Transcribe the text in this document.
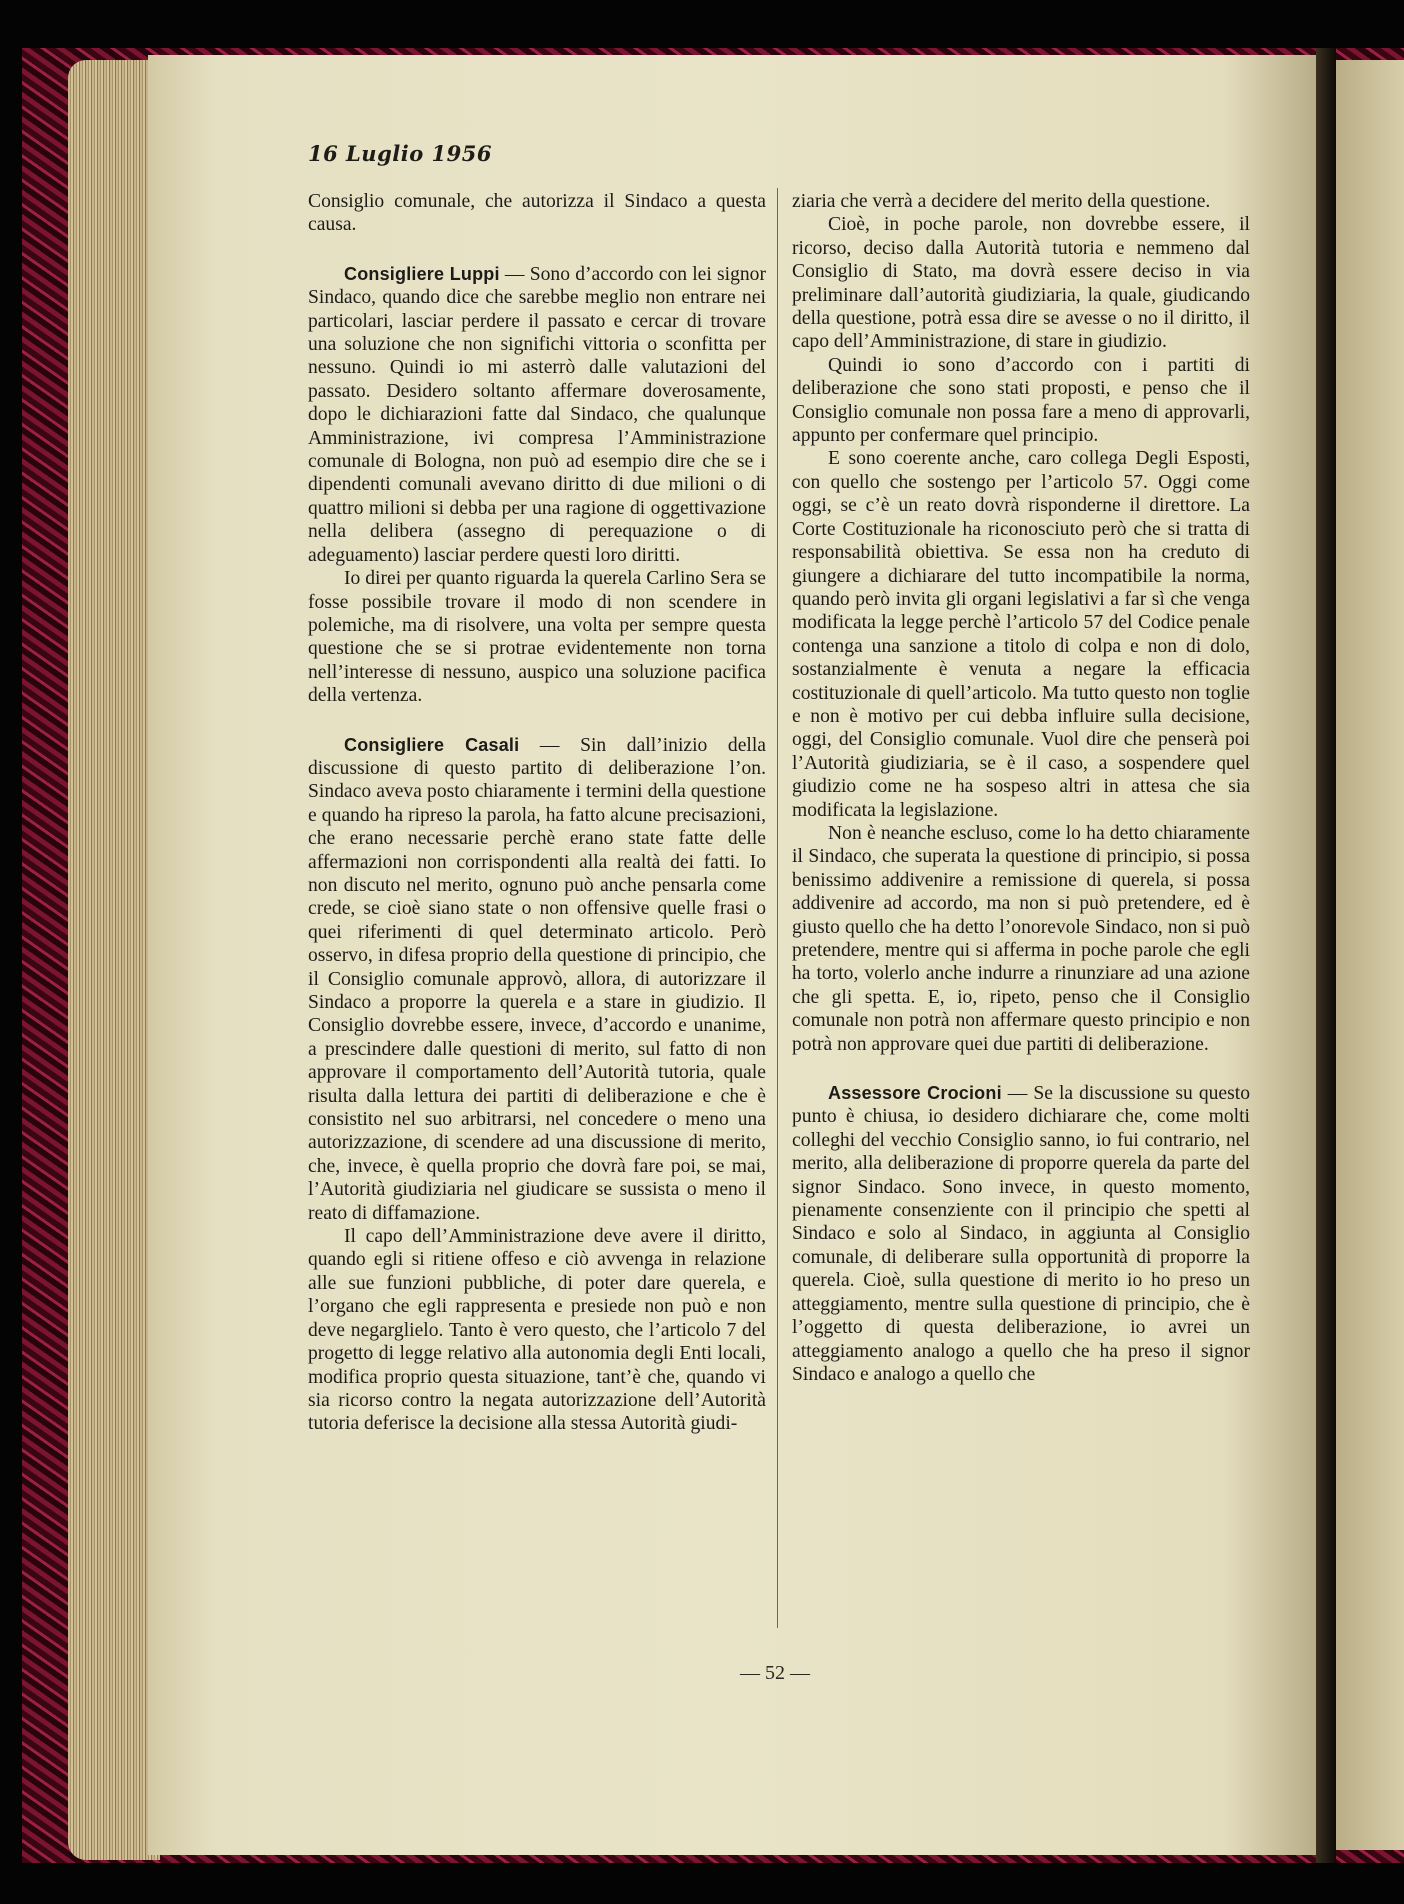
16 Luglio 1956

Consiglio comunale, che autorizza il Sindaco a questa causa.

Consigliere Luppi — Sono d’accordo con lei signor Sindaco, quando dice che sarebbe meglio non entrare nei particolari, lasciar perdere il passato e cercar di trovare una soluzione che non significhi vittoria o sconfitta per nessuno. Quindi io mi asterrò dalle valutazioni del passato. Desidero soltanto affermare doverosamente, dopo le dichiarazioni fatte dal Sindaco, che qualunque Amministrazione, ivi compresa l’Amministrazione comunale di Bologna, non può ad esempio dire che se i dipendenti comunali avevano diritto di due milioni o di quattro milioni si debba per una ragione di oggettivazione nella delibera (assegno di perequazione o di adeguamento) lasciar perdere questi loro diritti.

Io direi per quanto riguarda la querela Carlino Sera se fosse possibile trovare il modo di non scendere in polemiche, ma di risolvere, una volta per sempre questa questione che se si protrae evidentemente non torna nell’interesse di nessuno, auspico una soluzione pacifica della vertenza.

Consigliere Casali — Sin dall’inizio della discussione di questo partito di deliberazione l’on. Sindaco aveva posto chiaramente i termini della questione e quando ha ripreso la parola, ha fatto alcune precisazioni, che erano necessarie perchè erano state fatte delle affermazioni non corrispondenti alla realtà dei fatti. Io non discuto nel merito, ognuno può anche pensarla come crede, se cioè siano state o non offensive quelle frasi o quei riferimenti di quel determinato articolo. Però osservo, in difesa proprio della questione di principio, che il Consiglio comunale approvò, allora, di autorizzare il Sindaco a proporre la querela e a stare in giudizio. Il Consiglio dovrebbe essere, invece, d’accordo e unanime, a prescindere dalle questioni di merito, sul fatto di non approvare il comportamento dell’Autorità tutoria, quale risulta dalla lettura dei partiti di deliberazione e che è consistito nel suo arbitrarsi, nel concedere o meno una autorizzazione, di scendere ad una discussione di merito, che, invece, è quella proprio che dovrà fare poi, se mai, l’Autorità giudiziaria nel giudicare se sussista o meno il reato di diffamazione.

Il capo dell’Amministrazione deve avere il diritto, quando egli si ritiene offeso e ciò avvenga in relazione alle sue funzioni pubbliche, di poter dare querela, e l’organo che egli rappresenta e presiede non può e non deve negarglielo. Tanto è vero questo, che l’articolo 7 del progetto di legge relativo alla autonomia degli Enti locali, modifica proprio questa situazione, tant’è che, quando vi sia ricorso contro la negata autorizzazione dell’Autorità tutoria deferisce la decisione alla stessa Autorità giudi-

ziaria che verrà a decidere del merito della questione.

Cioè, in poche parole, non dovrebbe essere, il ricorso, deciso dalla Autorità tutoria e nemmeno dal Consiglio di Stato, ma dovrà essere deciso in via preliminare dall’autorità giudiziaria, la quale, giudicando della questione, potrà essa dire se avesse o no il diritto, il capo dell’Amministrazione, di stare in giudizio.

Quindi io sono d’accordo con i partiti di deliberazione che sono stati proposti, e penso che il Consiglio comunale non possa fare a meno di approvarli, appunto per confermare quel principio.

E sono coerente anche, caro collega Degli Esposti, con quello che sostengo per l’articolo 57. Oggi come oggi, se c’è un reato dovrà risponderne il direttore. La Corte Costituzionale ha riconosciuto però che si tratta di responsabilità obiettiva. Se essa non ha creduto di giungere a dichiarare del tutto incompatibile la norma, quando però invita gli organi legislativi a far sì che venga modificata la legge perchè l’articolo 57 del Codice penale contenga una sanzione a titolo di colpa e non di dolo, sostanzialmente è venuta a negare la efficacia costituzionale di quell’articolo. Ma tutto questo non toglie e non è motivo per cui debba influire sulla decisione, oggi, del Consiglio comunale. Vuol dire che penserà poi l’Autorità giudiziaria, se è il caso, a sospendere quel giudizio come ne ha sospeso altri in attesa che sia modificata la legislazione.

Non è neanche escluso, come lo ha detto chiaramente il Sindaco, che superata la questione di principio, si possa benissimo addivenire a remissione di querela, si possa addivenire ad accordo, ma non si può pretendere, ed è giusto quello che ha detto l’onorevole Sindaco, non si può pretendere, mentre qui si afferma in poche parole che egli ha torto, volerlo anche indurre a rinunziare ad una azione che gli spetta. E, io, ripeto, penso che il Consiglio comunale non potrà non affermare questo principio e non potrà non approvare quei due partiti di deliberazione.

Assessore Crocioni — Se la discussione su questo punto è chiusa, io desidero dichiarare che, come molti colleghi del vecchio Consiglio sanno, io fui contrario, nel merito, alla deliberazione di proporre querela da parte del signor Sindaco. Sono invece, in questo momento, pienamente consenziente con il principio che spetti al Sindaco e solo al Sindaco, in aggiunta al Consiglio comunale, di deliberare sulla opportunità di proporre la querela. Cioè, sulla questione di merito io ho preso un atteggiamento, mentre sulla questione di principio, che è l’oggetto di questa deliberazione, io avrei un atteggiamento analogo a quello che ha preso il signor Sindaco e analogo a quello che

— 52 —
